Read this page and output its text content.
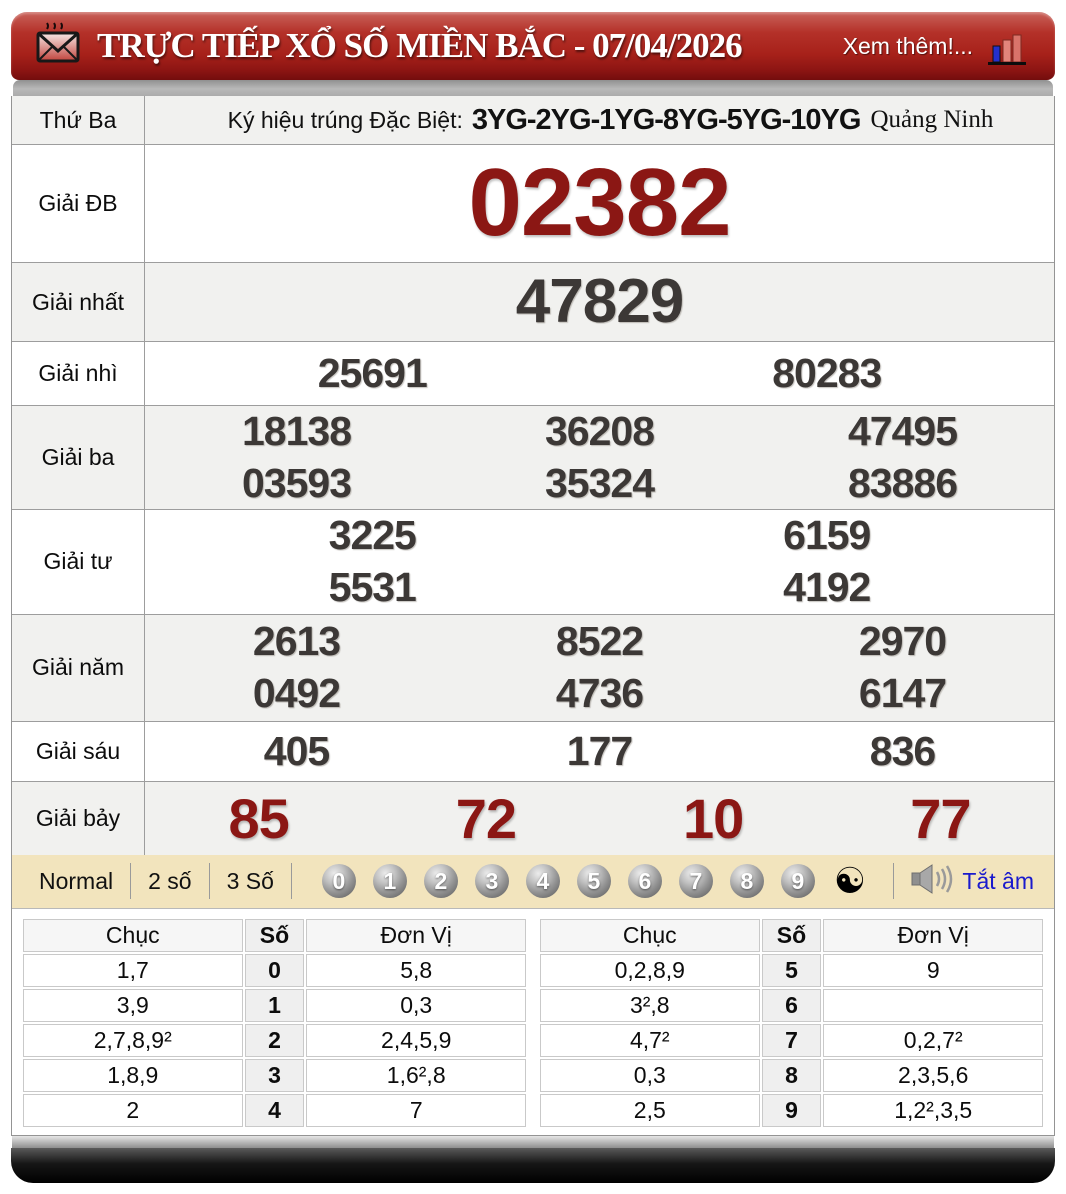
TRỰC TIẾP XỔ SỐ MIỀN BẮC - 07/04/2026	Xem thêm!...
Thứ Ba	Ký hiệu trúng Đặc Biệt: 3YG-2YG-1YG-8YG-5YG-10YG Quảng Ninh
Giải ĐB	02382
Giải nhất	47829
Giải nhì	25691	80283
Giải ba
18138	36208	47495
03593	35324	83886
Giải tư
3225	6159
5531	4192
Giải năm
2613	8522	2970
0492	4736	6147
Giải sáu	405	177	836
Giải bảy	85	72	10	77
Normal	2 số	3 Số	0	1	2	3	4	5	6	7	8	9 ☯	Tắt âm
Chục	Số	Đơn Vị
1,7	0	5,8
3,9	1	0,3
2,7,8,9²	2	2,4,5,9
1,8,9	3	1,6²,8
2	4	7
Chục	Số	Đơn Vị
0,2,8,9	5	9
3²,8	6	
4,7²	7	0,2,7²
0,3	8	2,3,5,6
2,5	9	1,2²,3,5
